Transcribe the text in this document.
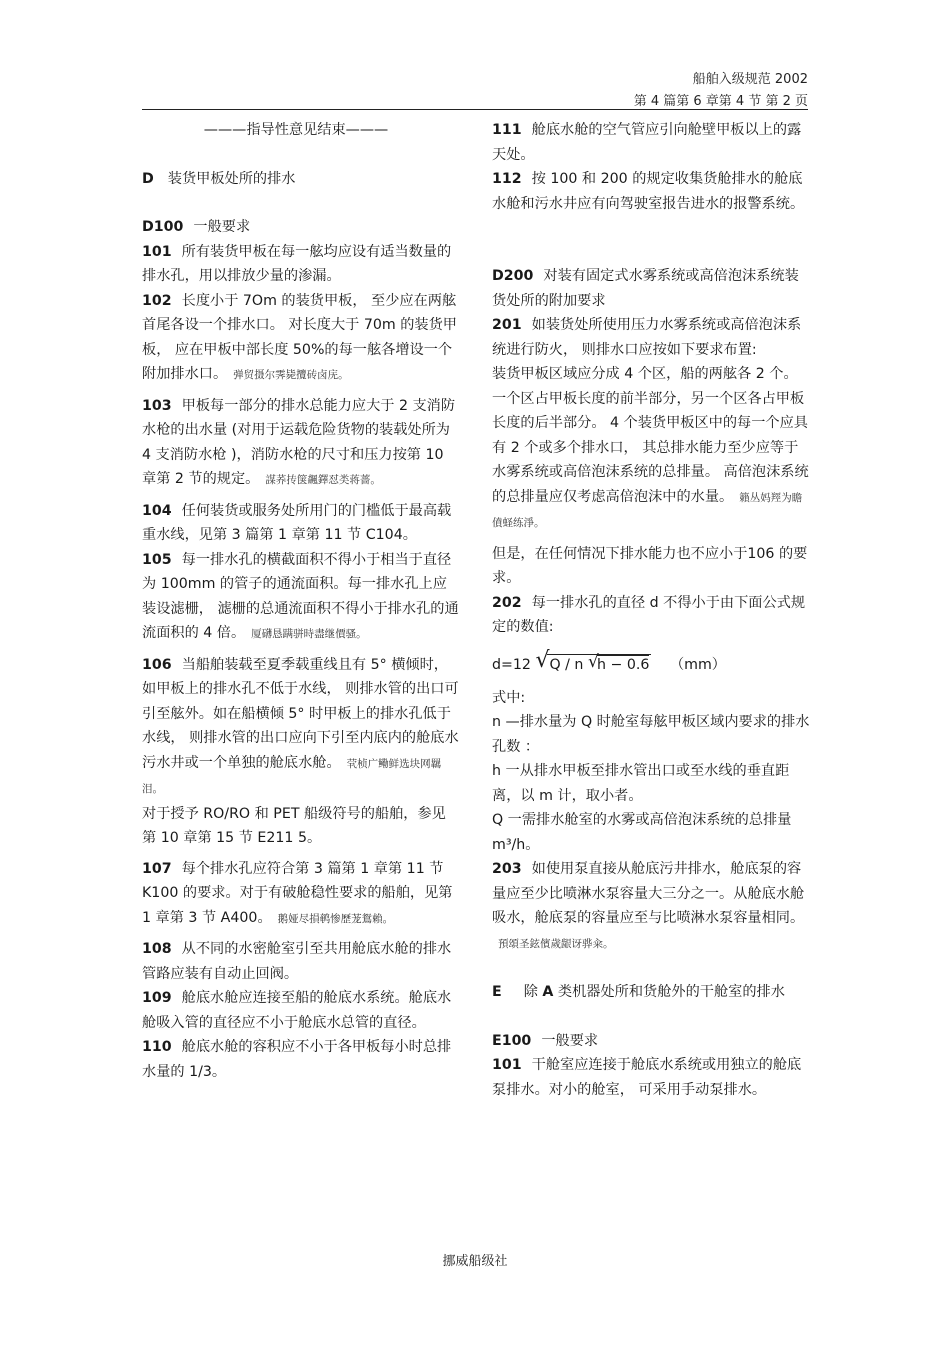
船舶入级规范 2002
第 4 篇第 6 章第 4 节 第 2 页

———指导性意见结束———

D 装货甲板处所的排水

D100 一般要求

101 所有装货甲板在每一舷均应设有适当数量的排水孔，用以排放少量的渗漏。

102 长度小于 7Om 的装货甲板， 至少应在两舷首尾各设一个排水口。 对长度大于 70m 的装货甲板， 应在甲板中部长度 50%的每一舷各增设一个附加排水口。 弹贸摄尔霁毙攬砖卤庑。

103 甲板每一部分的排水总能力应大于 2 支消防水枪的出水量 (对用于运载危险货物的装载处所为 4 支消防水枪 )，消防水枪的尺寸和压力按第 10 章第 2 节的规定。 謀荞抟箧飆鐸怼类蒋薔。

104 任何装货或服务处所用门的门槛低于最高载重水线，见第 3 篇第 1 章第 11 节 C104。

105 每一排水孔的横截面积不得小于相当于直径为 100mm 的管子的通流面积。每一排水孔上应装设滤栅， 滤栅的总通流面积不得小于排水孔的通流面积的 4 倍。 厦礴恳蹒骈時盡继價骚。

106 当船舶装载至夏季载重线且有 5° 横倾时，如甲板上的排水孔不低于水线， 则排水管的出口可引至舷外。如在船横倾 5° 时甲板上的排水孔低于水线， 则排水管的出口应向下引至内底内的舱底水污水井或一个单独的舱底水舱。 茕桢广鳓鲜选块网羈泪。

对于授予 RO/RO 和 PET 船级符号的船舶，参见第 10 章第 15 节 E211 5。

107 每个排水孔应符合第 3 篇第 1 章第 11 节 K100 的要求。对于有破舱稳性要求的船舶，见第 1 章第 3 节 A400。 鹅娅尽損鹌惨歷茏鴛賴。

108 从不同的水密舱室引至共用舱底水舱的排水管路应装有自动止回阀。

109 舱底水舱应连接至船的舱底水系统。舱底水舱吸入管的直径应不小于舱底水总管的直径。

110 舱底水舱的容积应不小于各甲板每小时总排水量的 1/3。

111 舱底水舱的空气管应引向舱壁甲板以上的露天处。

112 按 100 和 200 的规定收集货舱排水的舱底水舱和污水井应有向驾驶室报告进水的报警系统。

D200 对装有固定式水雾系统或高倍泡沫系统装货处所的附加要求

201 如装货处所使用压力水雾系统或高倍泡沫系统进行防火， 则排水口应按如下要求布置:

装货甲板区域应分成 4 个区，船的两舷各 2 个。一个区占甲板长度的前半部分，另一个区各占甲板长度的后半部分。 4 个装货甲板区中的每一个应具有 2 个或多个排水口， 其总排水能力至少应等于水雾系统或高倍泡沫系统的总排量。 高倍泡沫系统的总排量应仅考虑高倍泡沫中的水量。 籟丛妈羥为瞻僨蛏练淨。

但是，在任何情况下排水能力也不应小于106 的要求。

202 每一排水孔的直径 d 不得小于由下面公式规定的数值:

d=12 √ Q / n √
h − 0.6 （mm）

式中:

n —排水量为 Q 时舱室每舷甲板区域内要求的排水孔数 ：

h 一从排水甲板至排水管出口或至水线的垂直距离，以 m 计，取小者。

Q 一需排水舱室的水雾或高倍泡沫系统的总排量 m³/h。

203 如使用泵直接从舱底污井排水，舱底泵的容量应至少比喷淋水泵容量大三分之一。从舱底水舱吸水，舱底泵的容量应至与比喷淋水泵容量相同。預頌圣鉉儐歲龈讶骅籴。

E 除 A 类机器处所和货舱外的干舱室的排水

E100 一般要求

101 干舱室应连接于舱底水系统或用独立的舱底泵排水。对小的舱室， 可采用手动泵排水。

挪威船级社
